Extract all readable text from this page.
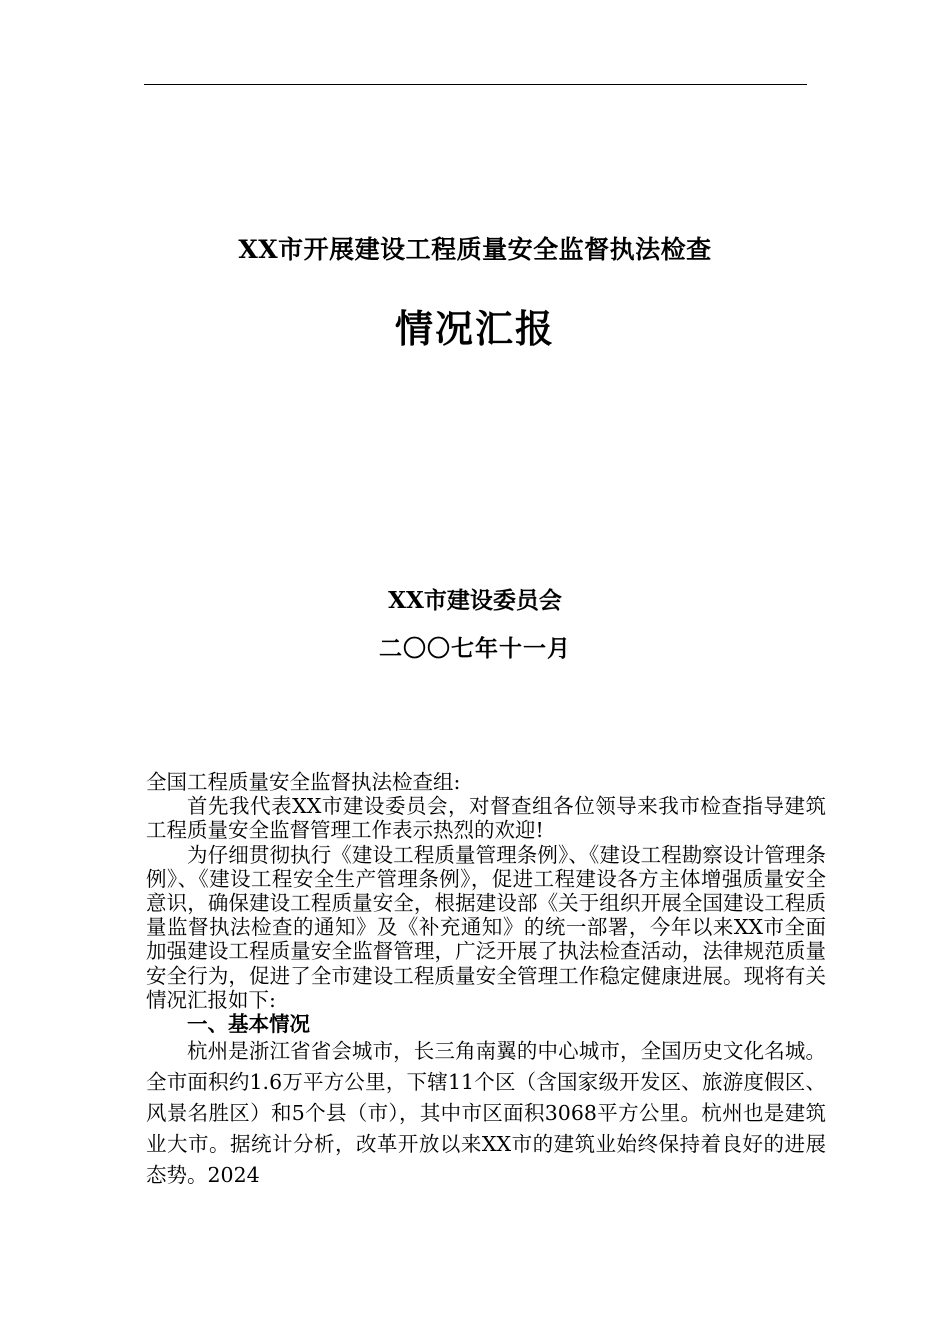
XX市开展建设工程质量安全监督执法检查
情况汇报
XX市建设委员会
二〇〇七年十一月

全国工程质量安全监督执法检查组:

首先我代表XX市建设委员会，对督查组各位领导来我市检查指导建筑工程质量安全监督管理工作表示热烈的欢迎!

为仔细贯彻执行《建设工程质量管理条例》、《建设工程勘察设计管理条例》、《建设工程安全生产管理条例》，促进工程建设各方主体增强质量安全意识，确保建设工程质量安全，根据建设部《关于组织开展全国建设工程质量监督执法检查的通知》及《补充通知》的统一部署，今年以来XX市全面加强建设工程质量安全监督管理，广泛开展了执法检查活动，法律规范质量安全行为，促进了全市建设工程质量安全管理工作稳定健康进展。现将有关情况汇报如下:

一、基本情况

杭州是浙江省省会城市，长三角南翼的中心城市，全国历史文化名城。全市面积约1.6万平方公里，下辖11个区（含国家级开发区、旅游度假区、风景名胜区）和5个县（市），其中市区面积3068平方公里。杭州也是建筑业大市。据统计分析，改革开放以来XX市的建筑业始终保持着良好的进展态势。2024
